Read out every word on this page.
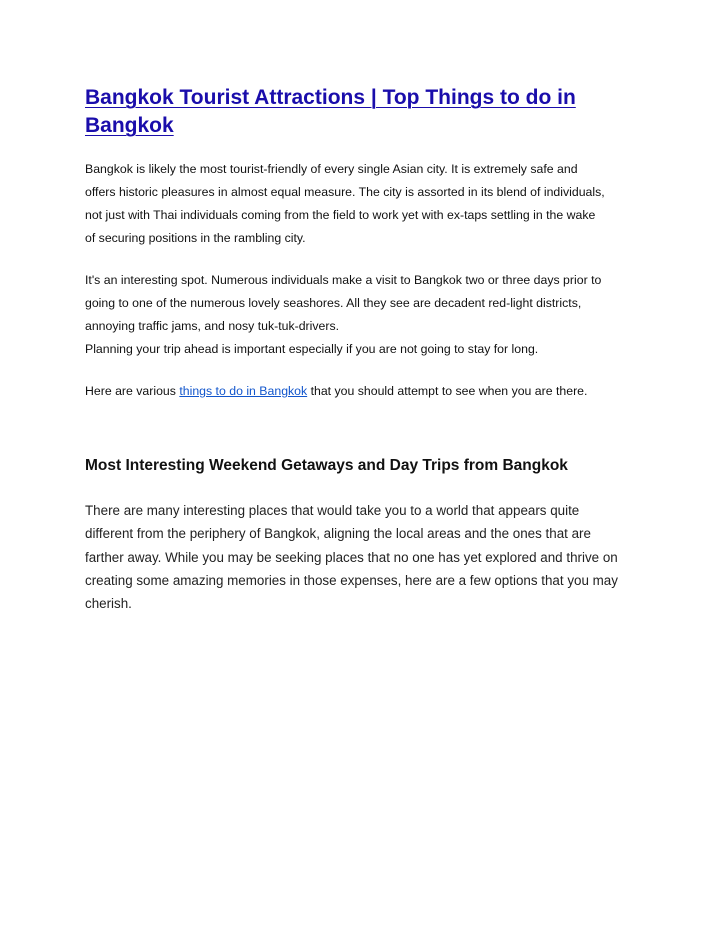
Bangkok Tourist Attractions | Top Things to do in
Bangkok

Bangkok is likely the most tourist-friendly of every single Asian city. It is extremely safe and
offers historic pleasures in almost equal measure. The city is assorted in its blend of individuals,
not just with Thai individuals coming from the field to work yet with ex-taps settling in the wake
of securing positions in the rambling city.

It's an interesting spot. Numerous individuals make a visit to Bangkok two or three days prior to
going to one of the numerous lovely seashores. All they see are decadent red-light districts,
annoying traffic jams, and nosy tuk-tuk-drivers.
Planning your trip ahead is important especially if you are not going to stay for long.

Here are various things to do in Bangkok that you should attempt to see when you are there.

Most Interesting Weekend Getaways and Day Trips from Bangkok

There are many interesting places that would take you to a world that appears quite
different from the periphery of Bangkok, aligning the local areas and the ones that are
farther away. While you may be seeking places that no one has yet explored and thrive on
creating some amazing memories in those expenses, here are a few options that you may
cherish.
